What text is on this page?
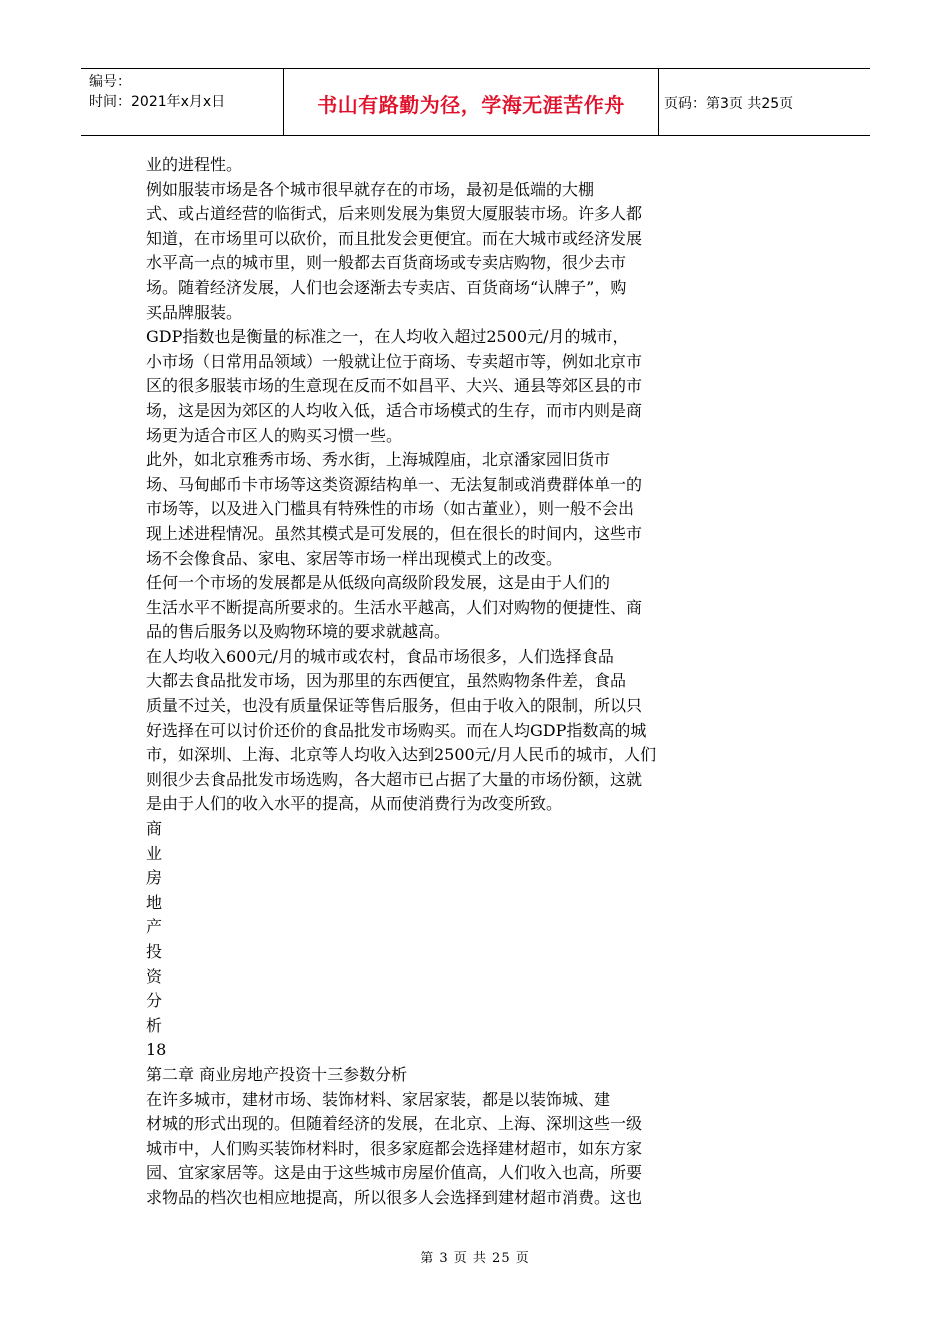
编号：
时间：2021年x月x日	书山有路勤为径，学海无涯苦作舟	页码：第3页 共25页
业的进程性。
例如服装市场是各个城市很早就存在的市场，最初是低端的大棚
式、或占道经营的临街式，后来则发展为集贸大厦服装市场。许多人都
知道，在市场里可以砍价，而且批发会更便宜。而在大城市或经济发展
水平高一点的城市里，则一般都去百货商场或专卖店购物，很少去市
场。随着经济发展，人们也会逐渐去专卖店、百货商场“认牌子”，购
买品牌服装。
GDP指数也是衡量的标准之一，在人均收入超过2500元/月的城市，
小市场（日常用品领域）一般就让位于商场、专卖超市等，例如北京市
区的很多服装市场的生意现在反而不如昌平、大兴、通县等郊区县的市
场，这是因为郊区的人均收入低，适合市场模式的生存，而市内则是商
场更为适合市区人的购买习惯一些。
此外，如北京雅秀市场、秀水街，上海城隍庙，北京潘家园旧货市
场、马甸邮币卡市场等这类资源结构单一、无法复制或消费群体单一的
市场等，以及进入门槛具有特殊性的市场（如古董业），则一般不会出
现上述进程情况。虽然其模式是可发展的，但在很长的时间内，这些市
场不会像食品、家电、家居等市场一样出现模式上的改变。
任何一个市场的发展都是从低级向高级阶段发展，这是由于人们的
生活水平不断提高所要求的。生活水平越高，人们对购物的便捷性、商
品的售后服务以及购物环境的要求就越高。
在人均收入600元/月的城市或农村，食品市场很多，人们选择食品
大都去食品批发市场，因为那里的东西便宜，虽然购物条件差，食品
质量不过关，也没有质量保证等售后服务，但由于收入的限制，所以只
好选择在可以讨价还价的食品批发市场购买。而在人均GDP指数高的城
市，如深圳、上海、北京等人均收入达到2500元/月人民币的城市，人们
则很少去食品批发市场选购，各大超市已占据了大量的市场份额，这就
是由于人们的收入水平的提高，从而使消费行为改变所致。
商
业
房
地
产
投
资
分
析
18
第二章 商业房地产投资十三参数分析
在许多城市，建材市场、装饰材料、家居家装，都是以装饰城、建
材城的形式出现的。但随着经济的发展，在北京、上海、深圳这些一级
城市中，人们购买装饰材料时，很多家庭都会选择建材超市，如东方家
园、宜家家居等。这是由于这些城市房屋价值高，人们收入也高，所要
求物品的档次也相应地提高，所以很多人会选择到建材超市消费。这也
第 3 页 共 25 页
